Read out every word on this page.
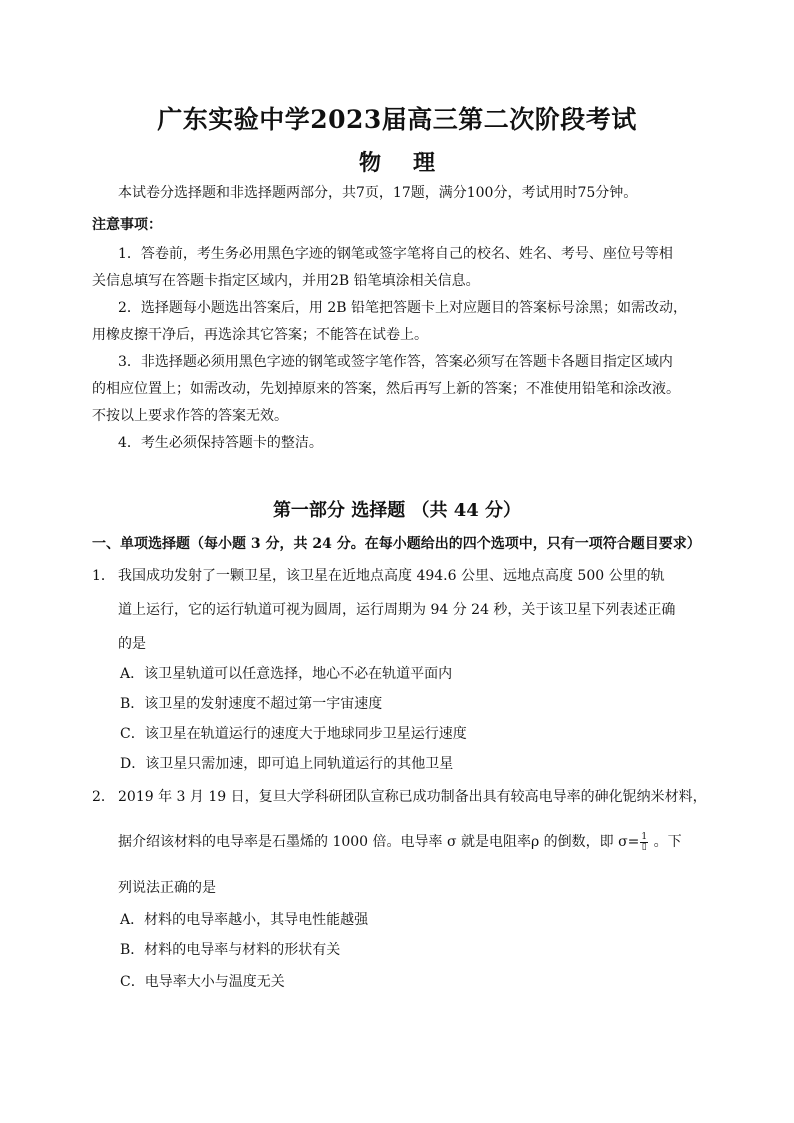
广东实验中学2023届高三第二次阶段考试
物 理
本试卷分选择题和非选择题两部分，共7页，17题，满分100分，考试用时75分钟。
注意事项：
1．答卷前，考生务必用黑色字迹的钢笔或签字笔将自己的校名、姓名、考号、座位号等相
关信息填写在答题卡指定区域内，并用2B 铅笔填涂相关信息。
2．选择题每小题选出答案后，用 2B 铅笔把答题卡上对应题目的答案标号涂黑；如需改动，
用橡皮擦干净后，再选涂其它答案；不能答在试卷上。
3．非选择题必须用黑色字迹的钢笔或签字笔作答，答案必须写在答题卡各题目指定区域内
的相应位置上；如需改动，先划掉原来的答案，然后再写上新的答案；不准使用铅笔和涂改液。
不按以上要求作答的答案无效。
4．考生必须保持答题卡的整洁。
第一部分 选择题 （共 44 分）
一、单项选择题（每小题 3 分，共 24 分。在每小题给出的四个选项中，只有一项符合题目要求）
1． 我国成功发射了一颗卫星，该卫星在近地点高度 494.6 公里、远地点高度 500 公里的轨
道上运行，它的运行轨道可视为圆周，运行周期为 94 分 24 秒，关于该卫星下列表述正确
的是
A．该卫星轨道可以任意选择，地心不必在轨道平面内
B．该卫星的发射速度不超过第一宇宙速度
C．该卫星在轨道运行的速度大于地球同步卫星运行速度
D．该卫星只需加速，即可追上同轨道运行的其他卫星
2． 2019 年 3 月 19 日，复旦大学科研团队宣称已成功制备出具有较高电导率的砷化铌纳米材料，
据介绍该材料的电导率是石墨烯的 1000 倍。电导率 σ 就是电阻率ρ 的倒数，即 $\sigma= \frac{1}{▯}$ 。下
列说法正确的是
A．材料的电导率越小，其导电性能越强
B．材料的电导率与材料的形状有关
C．电导率大小与温度无关
